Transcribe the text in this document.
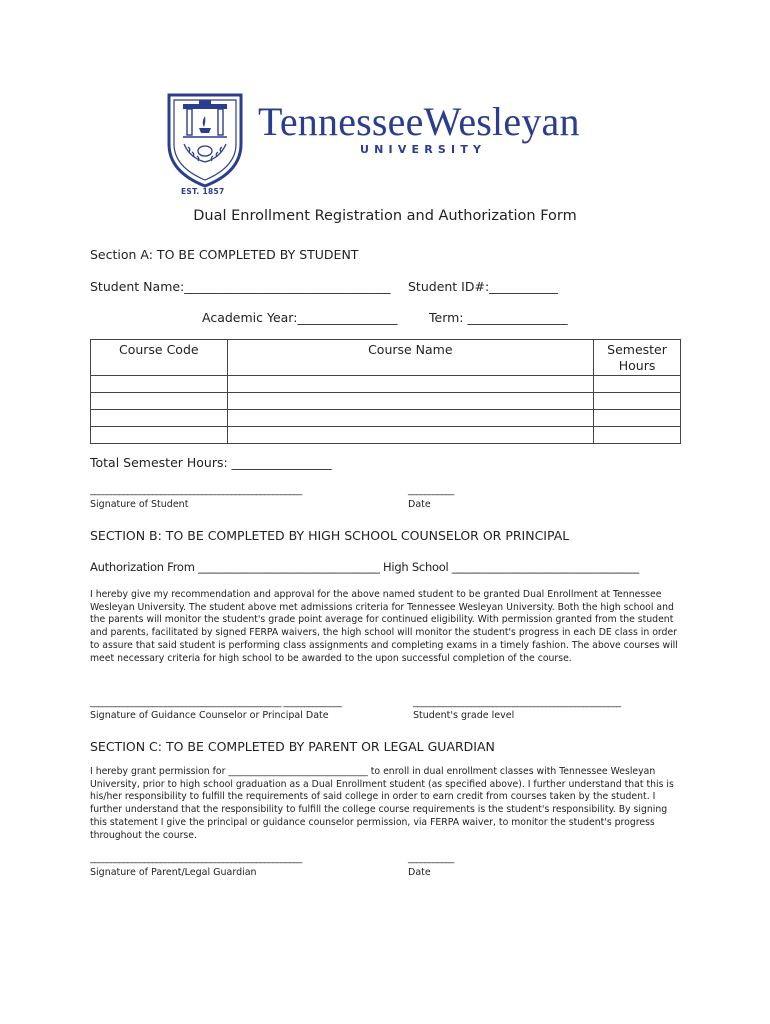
TennesseeWesleyan
UNIVERSITY
EST. 1857
Dual Enrollment Registration and Authorization Form
Section A: TO BE COMPLETED BY STUDENT
Student Name:_________________________________ Student ID#:___________
Academic Year:________________	Term: ________________
Course Code	Course Name	Semester Hours

Total Semester Hours: ________________
___________________________________________________	___________
Signature of Student	Date
SECTION B: TO BE COMPLETED BY HIGH SCHOOL COUNSELOR OR PRINCIPAL
Authorization From _________________________________ High School __________________________________
I hereby give my recommendation and approval for the above named student to be granted Dual Enrollment at Tennessee Wesleyan University. The student above met admissions criteria for Tennessee Wesleyan University. Both the high school and the parents will monitor the student's grade point average for continued eligibility. With permission granted from the student and parents, facilitated by signed FERPA waivers, the high school will monitor the student's progress in each DE class in order to assure that said student is performing class assignments and completing exams in a timely fashion. The above courses will meet necessary criteria for high school to be awarded to the upon successful completion of the course.
______________________________________________ ______________	__________________________________________________
Signature of Guidance Counselor or Principal Date	Student's grade level
SECTION C: TO BE COMPLETED BY PARENT OR LEGAL GUARDIAN
I hereby grant permission for ______________________________ to enroll in dual enrollment classes with Tennessee Wesleyan University, prior to high school graduation as a Dual Enrollment student (as specified above). I further understand that this is his/her responsibility to fulfill the requirements of said college in order to earn credit from courses taken by the student. I further understand that the responsibility to fulfill the college course requirements is the student's responsibility. By signing this statement I give the principal or guidance counselor permission, via FERPA waiver, to monitor the student's progress throughout the course.
___________________________________________________	___________
Signature of Parent/Legal Guardian	Date
